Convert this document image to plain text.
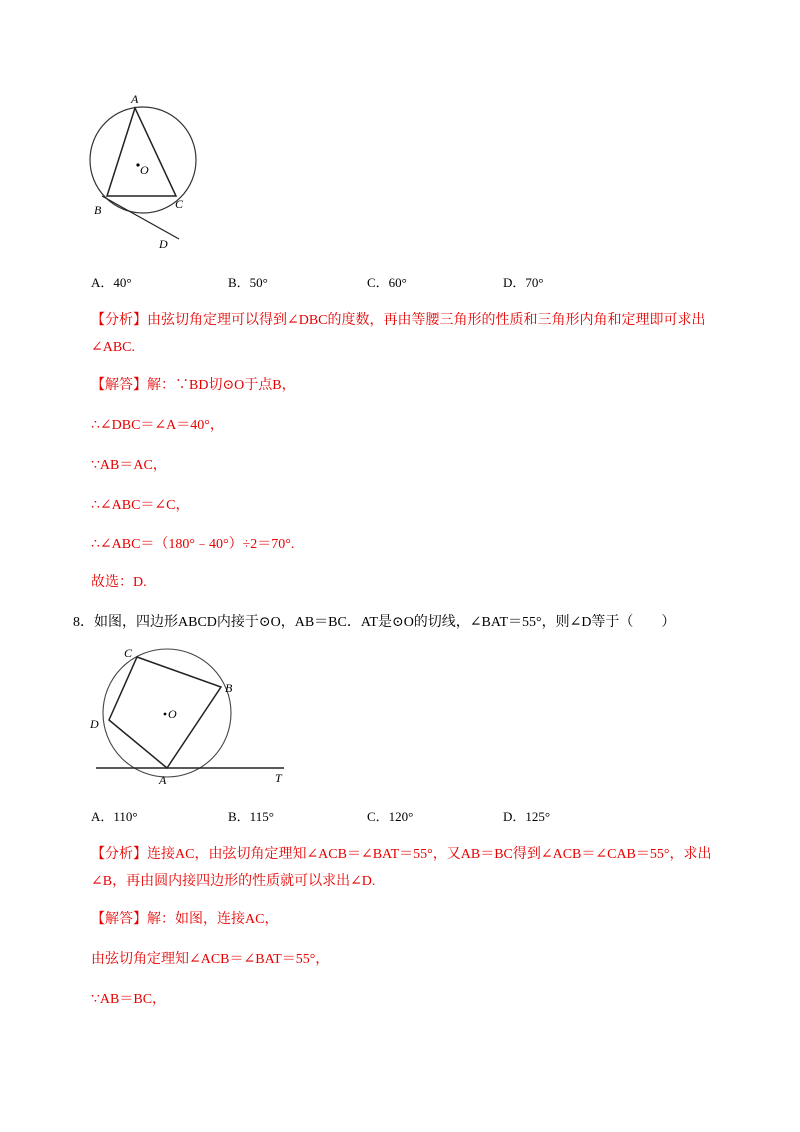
A
O
B	C
D
A．40°	B．50°	C．60°	D．70°
【分析】由弦切角定理可以得到∠DBC的度数，再由等腰三角形的性质和三角形内角和定理即可求出
∠ABC.
【解答】解：∵BD切⊙O于点B，
∴∠DBC＝∠A＝40°，
∵AB＝AC，
∴∠ABC＝∠C，
∴∠ABC＝（180°﹣40°）÷2＝70°.
故选：D.
8．如图，四边形ABCD内接于⊙O，AB＝BC．AT是⊙O的切线，∠BAT＝55°，则∠D等于（　　）
C
B
O
D
A	T
A．110°	B．115°	C．120°	D．125°
【分析】连接AC，由弦切角定理知∠ACB＝∠BAT＝55°，又AB＝BC得到∠ACB＝∠CAB＝55°，求出
∠B，再由圆内接四边形的性质就可以求出∠D.
【解答】解：如图，连接AC，
由弦切角定理知∠ACB＝∠BAT＝55°，
∵AB＝BC，
